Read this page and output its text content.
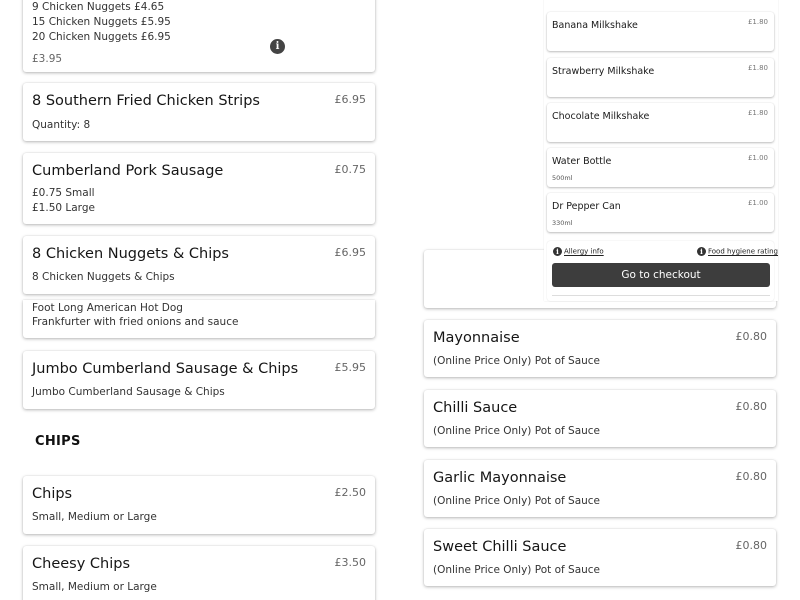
9 Chicken Nuggets £4.65
15 Chicken Nuggets £5.95
20 Chicken Nuggets £6.95
£3.95
i
8 Southern Fried Chicken Strips	£6.95
Quantity: 8
Cumberland Pork Sausage	£0.75
£0.75 Small
£1.50 Large
8 Chicken Nuggets & Chips	£6.95
8 Chicken Nuggets & Chips
Foot Long American Hot Dog
Frankfurter with fried onions and sauce
Jumbo Cumberland Sausage & Chips	£5.95
Jumbo Cumberland Sausage & Chips
CHIPS
Chips	£2.50
Small, Medium or Large
Cheesy Chips	£3.50
Small, Medium or Large
Banana Milkshake	£1.80
Strawberry Milkshake	£1.80
Chocolate Milkshake	£1.80
Water Bottle	£1.00
500ml
Dr Pepper Can	£1.00
330ml
i Allergy info	i Food hygiene rating
Go to checkout
Mayonnaise	£0.80
(Online Price Only) Pot of Sauce
Chilli Sauce	£0.80
(Online Price Only) Pot of Sauce
Garlic Mayonnaise	£0.80
(Online Price Only) Pot of Sauce
Sweet Chilli Sauce	£0.80
(Online Price Only) Pot of Sauce
